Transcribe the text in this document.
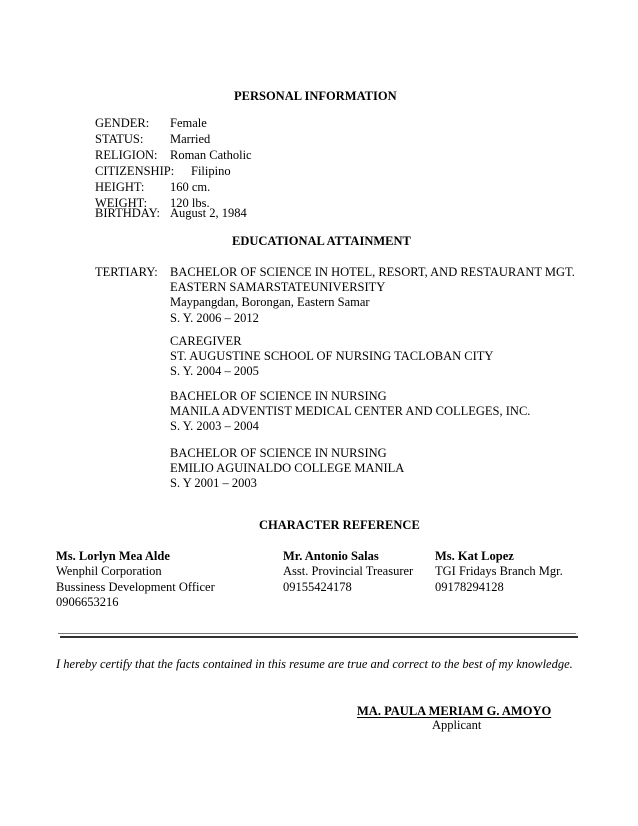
PERSONAL INFORMATION
GENDER: Female
STATUS: Married
RELIGION: Roman Catholic
CITIZENSHIP: Filipino
HEIGHT: 160 cm.
WEIGHT: 120 lbs.
BIRTHDAY: August 2, 1984
EDUCATIONAL ATTAINMENT
TERTIARY: BACHELOR OF SCIENCE IN HOTEL, RESORT, AND RESTAURANT MGT.
EASTERN SAMARSTATEUNIVERSITY
Maypangdan, Borongan, Eastern Samar
S. Y. 2006 – 2012
CAREGIVER
ST. AUGUSTINE SCHOOL OF NURSING TACLOBAN CITY
S. Y. 2004 – 2005
BACHELOR OF SCIENCE IN NURSING
MANILA ADVENTIST MEDICAL CENTER AND COLLEGES, INC.
S. Y. 2003 – 2004
BACHELOR OF SCIENCE IN NURSING
EMILIO AGUINALDO COLLEGE MANILA
S. Y 2001 – 2003
CHARACTER REFERENCE
Ms. Lorlyn Mea Alde
Wenphil Corporation
Bussiness Development Officer
0906653216
Mr. Antonio Salas
Asst. Provincial Treasurer
09155424178
Ms. Kat Lopez
TGI Fridays Branch Mgr.
09178294128
I hereby certify that the facts contained in this resume are true and correct to the best of my knowledge.
MA. PAULA MERIAM G. AMOYO
Applicant
